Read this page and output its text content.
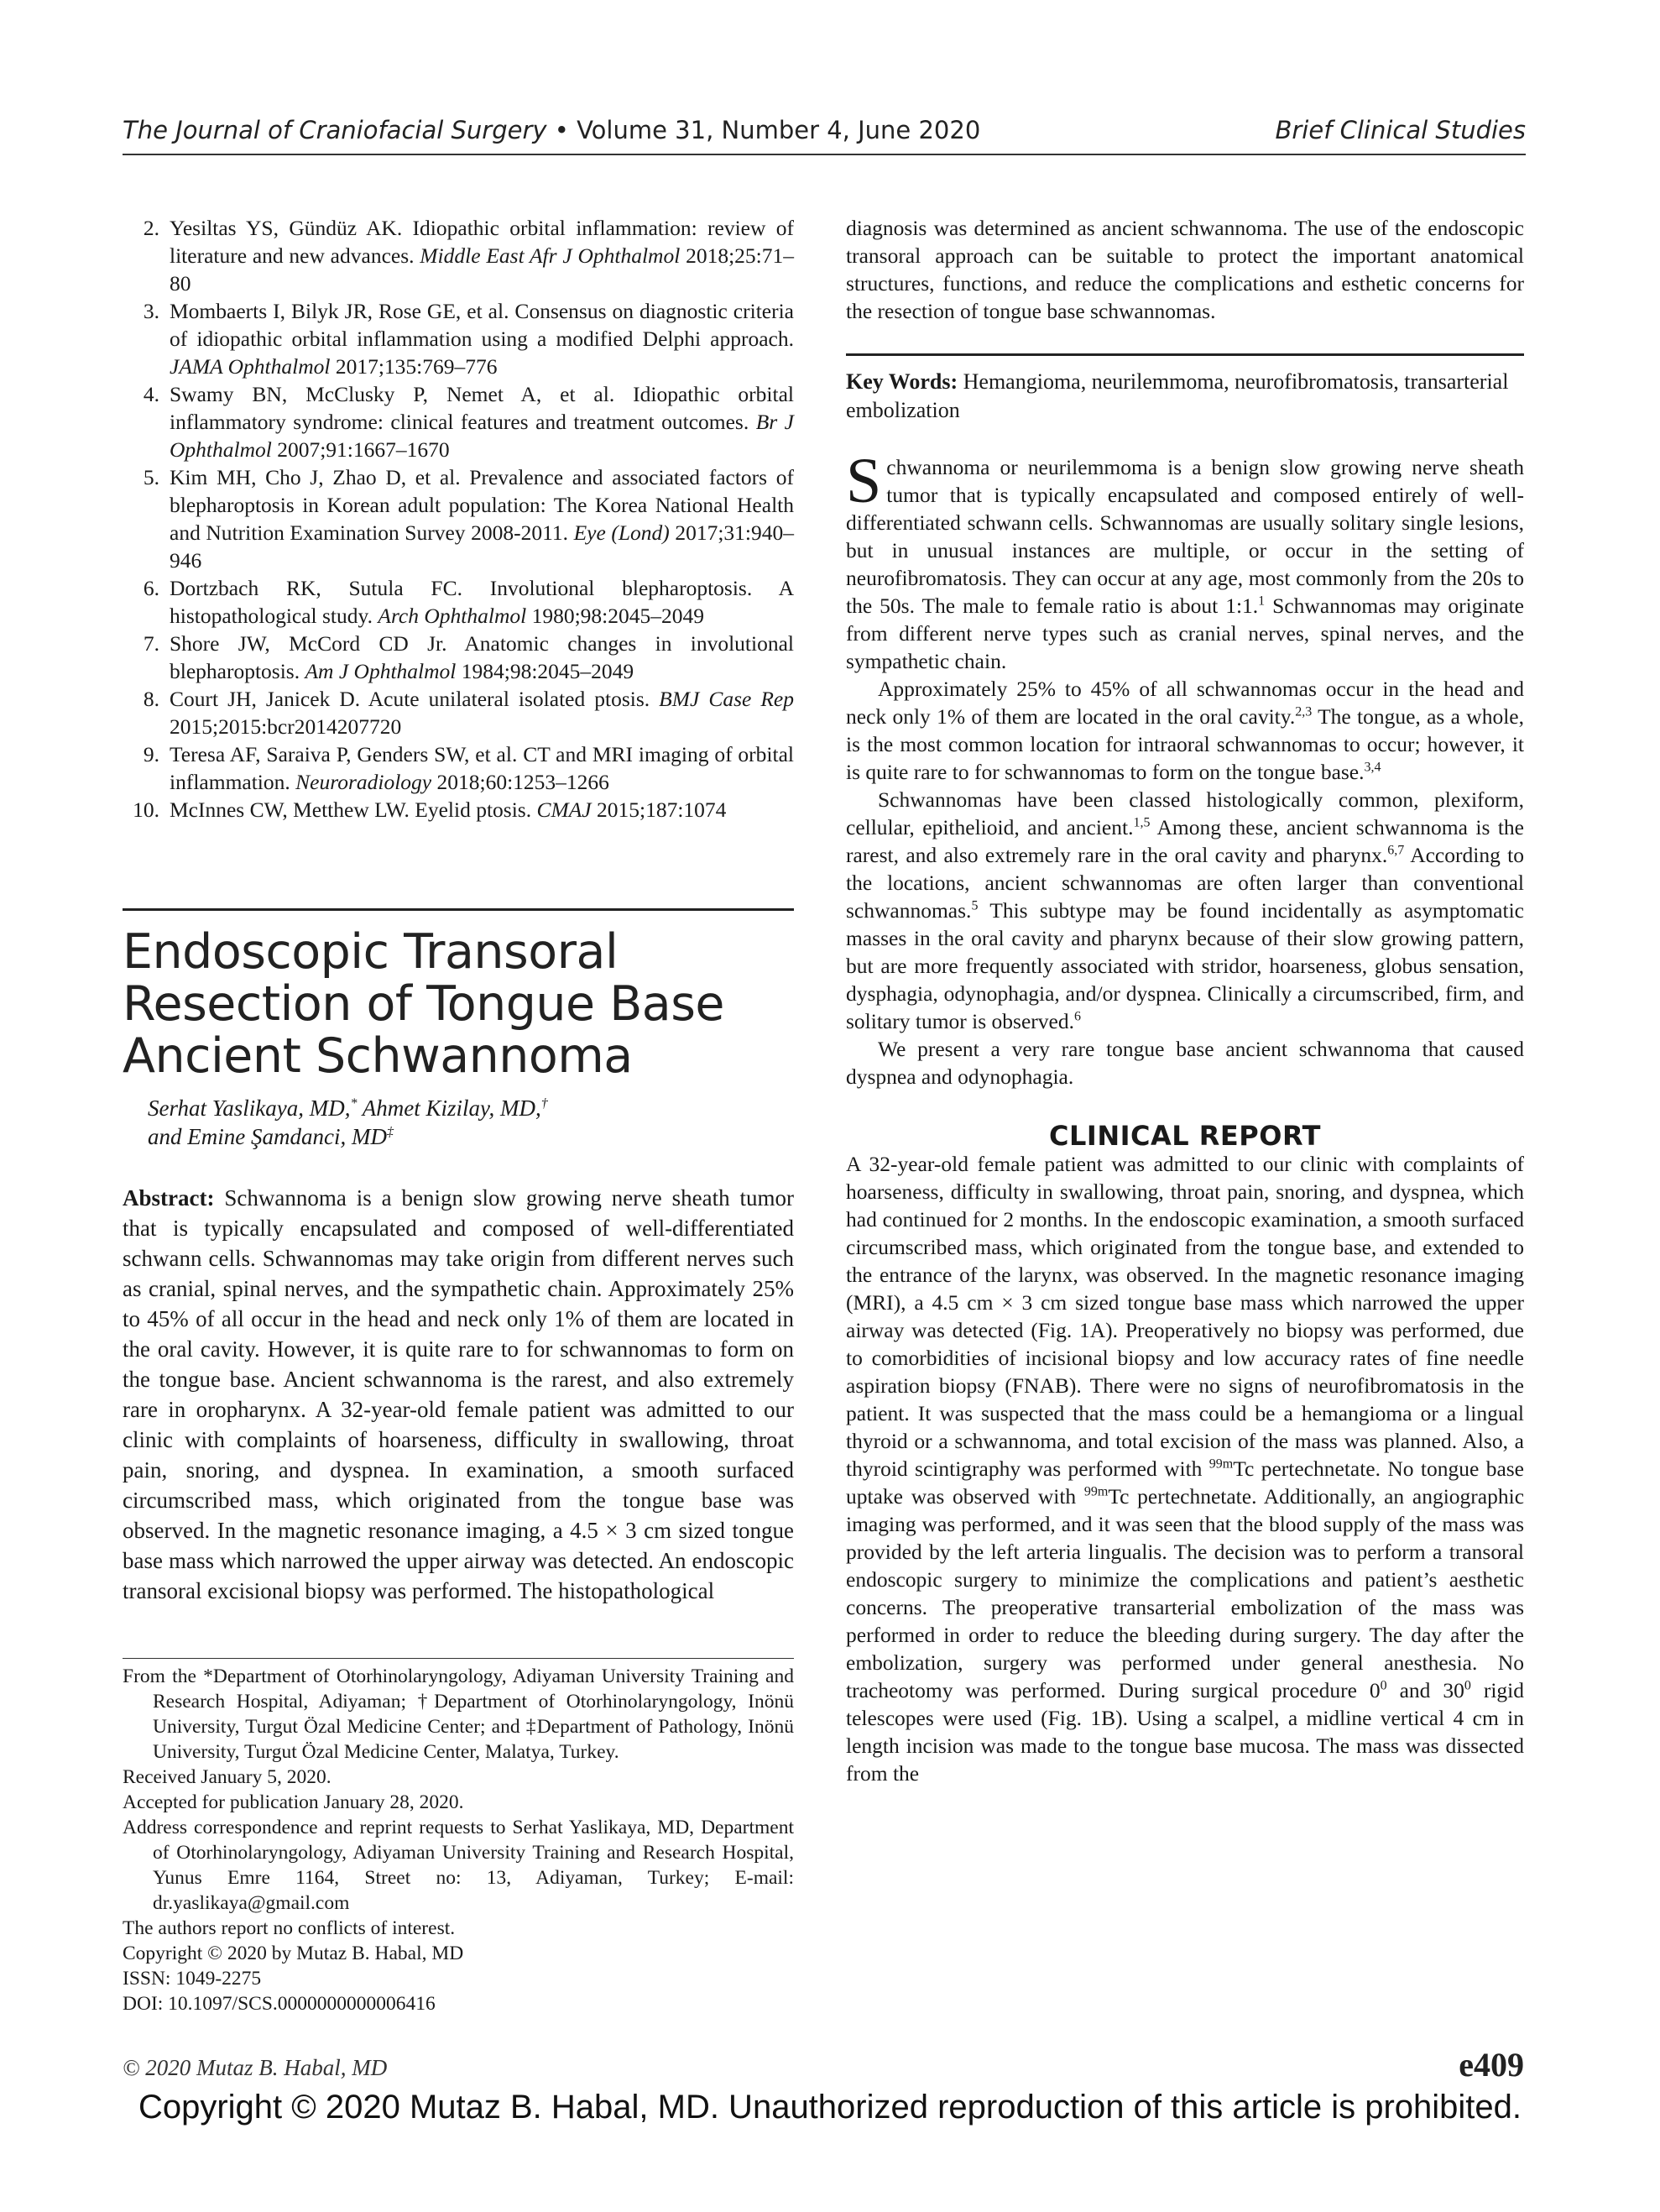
The Journal of Craniofacial Surgery • Volume 31, Number 4, June 2020	Brief Clinical Studies
2. Yesiltas YS, Gündüz AK. Idiopathic orbital inflammation: review of literature and new advances. Middle East Afr J Ophthalmol 2018;25:71–80
3. Mombaerts I, Bilyk JR, Rose GE, et al. Consensus on diagnostic criteria of idiopathic orbital inflammation using a modified Delphi approach. JAMA Ophthalmol 2017;135:769–776
4. Swamy BN, McClusky P, Nemet A, et al. Idiopathic orbital inflammatory syndrome: clinical features and treatment outcomes. Br J Ophthalmol 2007;91:1667–1670
5. Kim MH, Cho J, Zhao D, et al. Prevalence and associated factors of blepharoptosis in Korean adult population: The Korea National Health and Nutrition Examination Survey 2008-2011. Eye (Lond) 2017;31:940–946
6. Dortzbach RK, Sutula FC. Involutional blepharoptosis. A histopathological study. Arch Ophthalmol 1980;98:2045–2049
7. Shore JW, McCord CD Jr. Anatomic changes in involutional blepharoptosis. Am J Ophthalmol 1984;98:2045–2049
8. Court JH, Janicek D. Acute unilateral isolated ptosis. BMJ Case Rep 2015;2015:bcr2014207720
9. Teresa AF, Saraiva P, Genders SW, et al. CT and MRI imaging of orbital inflammation. Neuroradiology 2018;60:1253–1266
10. McInnes CW, Metthew LW. Eyelid ptosis. CMAJ 2015;187:1074
Endoscopic Transoral Resection of Tongue Base Ancient Schwannoma
Serhat Yaslikaya, MD,* Ahmet Kizilay, MD,†
and Emine Şamdanci, MD‡
Abstract: Schwannoma is a benign slow growing nerve sheath tumor that is typically encapsulated and composed of well-differentiated schwann cells. Schwannomas may take origin from different nerves such as cranial, spinal nerves, and the sympathetic chain. Approximately 25% to 45% of all occur in the head and neck only 1% of them are located in the oral cavity. However, it is quite rare to for schwannomas to form on the tongue base. Ancient schwannoma is the rarest, and also extremely rare in oropharynx. A 32-year-old female patient was admitted to our clinic with complaints of hoarseness, difficulty in swallowing, throat pain, snoring, and dyspnea. In examination, a smooth surfaced circumscribed mass, which originated from the tongue base was observed. In the magnetic resonance imaging, a 4.5 × 3 cm sized tongue base mass which narrowed the upper airway was detected. An endoscopic transoral excisional biopsy was performed. The histopathological

From the *Department of Otorhinolaryngology, Adiyaman University Training and Research Hospital, Adiyaman; †Department of Otorhinolaryngology, Inönü University, Turgut Özal Medicine Center; and ‡Department of Pathology, Inönü University, Turgut Özal Medicine Center, Malatya, Turkey.

Received January 5, 2020.

Accepted for publication January 28, 2020.

Address correspondence and reprint requests to Serhat Yaslikaya, MD, Department of Otorhinolaryngology, Adiyaman University Training and Research Hospital, Yunus Emre 1164, Street no: 13, Adiyaman, Turkey; E-mail: dr.yaslikaya@gmail.com

The authors report no conflicts of interest.

Copyright © 2020 by Mutaz B. Habal, MD

ISSN: 1049-2275

DOI: 10.1097/SCS.0000000000006416

diagnosis was determined as ancient schwannoma. The use of the endoscopic transoral approach can be suitable to protect the important anatomical structures, functions, and reduce the complications and esthetic concerns for the resection of tongue base schwannomas.
Key Words: Hemangioma, neurilemmoma, neurofibromatosis, transarterial embolization

Schwannoma or neurilemmoma is a benign slow growing nerve sheath tumor that is typically encapsulated and composed entirely of well-differentiated schwann cells. Schwannomas are usually solitary single lesions, but in unusual instances are multiple, or occur in the setting of neurofibromatosis. They can occur at any age, most commonly from the 20s to the 50s. The male to female ratio is about 1:1.$^1$ Schwannomas may originate from different nerve types such as cranial nerves, spinal nerves, and the sympathetic chain.

Approximately 25% to 45% of all schwannomas occur in the head and neck only 1% of them are located in the oral cavity.$^{2,3}$ The tongue, as a whole, is the most common location for intraoral schwannomas to occur; however, it is quite rare to for schwannomas to form on the tongue base.$^{3,4}$

Schwannomas have been classed histologically common, plexiform, cellular, epithelioid, and ancient.$^{1,5}$ Among these, ancient schwannoma is the rarest, and also extremely rare in the oral cavity and pharynx.$^{6,7}$ According to the locations, ancient schwannomas are often larger than conventional schwannomas.$^5$ This subtype may be found incidentally as asymptomatic masses in the oral cavity and pharynx because of their slow growing pattern, but are more frequently associated with stridor, hoarseness, globus sensation, dysphagia, odynophagia, and/or dyspnea. Clinically a circumscribed, firm, and solitary tumor is observed.$^6$

We present a very rare tongue base ancient schwannoma that caused dyspnea and odynophagia.

CLINICAL REPORT

A 32-year-old female patient was admitted to our clinic with complaints of hoarseness, difficulty in swallowing, throat pain, snoring, and dyspnea, which had continued for 2 months. In the endoscopic examination, a smooth surfaced circumscribed mass, which originated from the tongue base, and extended to the entrance of the larynx, was observed. In the magnetic resonance imaging (MRI), a 4.5 cm × 3 cm sized tongue base mass which narrowed the upper airway was detected (Fig. 1A). Preoperatively no biopsy was performed, due to comorbidities of incisional biopsy and low accuracy rates of fine needle aspiration biopsy (FNAB). There were no signs of neurofibromatosis in the patient. It was suspected that the mass could be a hemangioma or a lingual thyroid or a schwannoma, and total excision of the mass was planned. Also, a thyroid scintigraphy was performed with $^{99m}$Tc pertechnetate. No tongue base uptake was observed with $^{99m}$Tc pertechnetate. Additionally, an angiographic imaging was performed, and it was seen that the blood supply of the mass was provided by the left arteria lingualis. The decision was to perform a transoral endoscopic surgery to minimize the complications and patient’s aesthetic concerns. The preoperative transarterial embolization of the mass was performed in order to reduce the bleeding during surgery. The day after the embolization, surgery was performed under general anesthesia. No tracheotomy was performed. During surgical procedure $0^0$ and $30^0$ rigid telescopes were used (Fig. 1B). Using a scalpel, a midline vertical 4 cm in length incision was made to the tongue base mucosa. The mass was dissected from the

© 2020 Mutaz B. Habal, MD	e409
Copyright © 2020 Mutaz B. Habal, MD. Unauthorized reproduction of this article is prohibited.
